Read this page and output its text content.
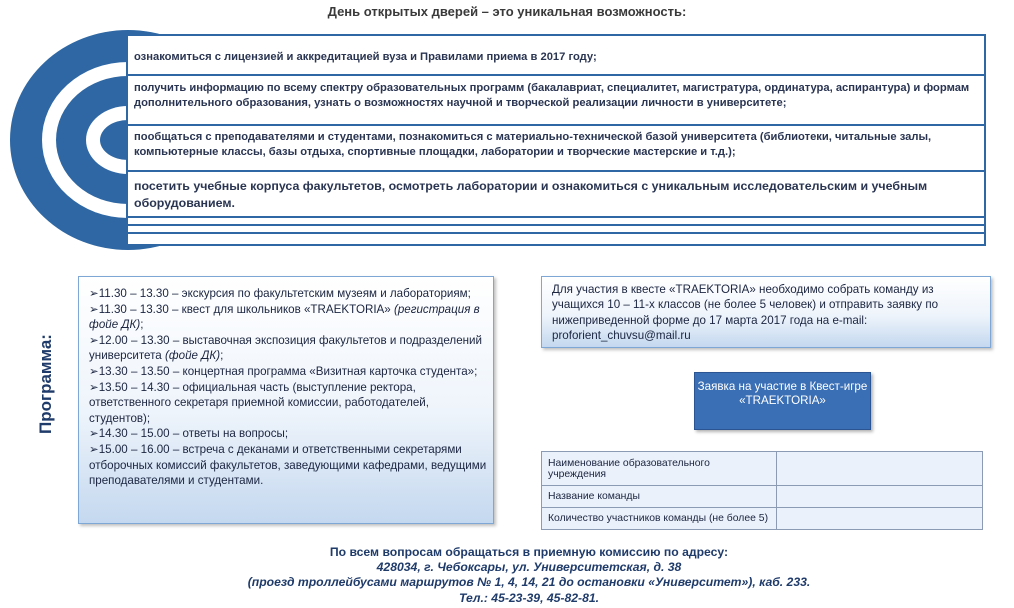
День открытых дверей – это уникальная возможность:
ознакомиться с лицензией и аккредитацией вуза и Правилами приема в 2017 году;
получить информацию по всему спектру образовательных программ (бакалавриат, специалитет, магистратура, ординатура, аспирантура) и формам дополнительного образования, узнать о возможностях научной и творческой реализации личности в университете;
пообщаться с преподавателями и студентами, познакомиться с материально-технической базой университета (библиотеки, читальные залы, компьютерные классы, базы отдыха, спортивные площадки, лаборатории и творческие мастерские и т.д.);
посетить учебные корпуса факультетов, осмотреть лаборатории и ознакомиться с уникальным исследовательским и учебным оборудованием.
Программа:
➢11.30 – 13.30 – экскурсия по факультетским музеям и лабораториям;
➢11.30 – 13.30 – квест для школьников «TRAEKTORIA» (регистрация в фойе ДК);
➢12.00 – 13.30 – выставочная экспозиция факультетов и подразделений университета (фойе ДК);
➢13.30 – 13.50 – концертная программа «Визитная карточка студента»;
➢13.50 – 14.30 – официальная часть (выступление ректора, ответственного секретаря приемной комиссии, работодателей, студентов);
➢14.30 – 15.00 – ответы на вопросы;
➢15.00 – 16.00 – встреча с деканами и ответственными секретарями отборочных комиссий факультетов, заведующими кафедрами, ведущими преподавателями и студентами.
Для участия в квесте «TRAEKTORIA» необходимо собрать команду из учащихся 10 – 11-х классов (не более 5 человек) и отправить заявку по нижеприведенной форме до 17 марта 2017 года на e-mail:
proforient_chuvsu@mail.ru
Заявка на участие в Квест-игре «TRAEKTORIA»
Наименование образовательного учреждения	
Название команды	
Количество участников команды (не более 5)	
По всем вопросам обращаться в приемную комиссию по адресу:
428034, г. Чебоксары, ул. Университетская, д. 38
(проезд троллейбусами маршрутов № 1, 4, 14, 21 до остановки «Университет»), каб. 233.
Тел.: 45-23-39, 45-82-81.
